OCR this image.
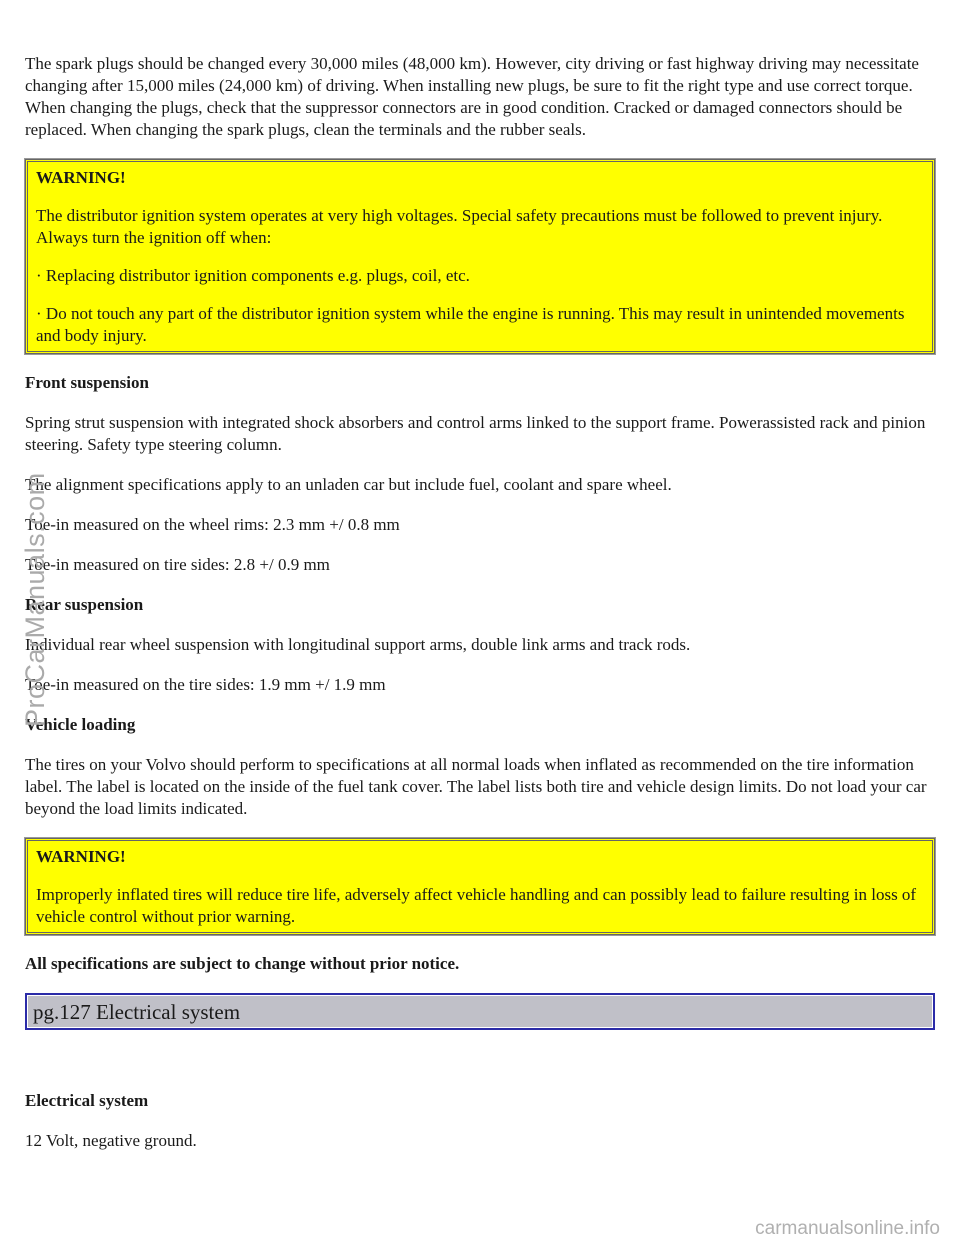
The spark plugs should be changed every 30,000 miles (48,000 km). However, city driving or fast highway driving may necessitate changing after 15,000 miles (24,000 km) of driving. When installing new plugs, be sure to fit the right type and use correct torque. When changing the plugs, check that the suppressor connectors are in good condition. Cracked or damaged connectors should be replaced. When changing the spark plugs, clean the terminals and the rubber seals.

WARNING!

The distributor ignition system operates at very high voltages. Special safety precautions must be followed to prevent injury. Always turn the ignition off when:

· Replacing distributor ignition components e.g. plugs, coil, etc.

· Do not touch any part of the distributor ignition system while the engine is running. This may result in unintended movements and body injury.

Front suspension

Spring strut suspension with integrated shock absorbers and control arms linked to the support frame. Powerassisted rack and pinion steering. Safety type steering column.

The alignment specifications apply to an unladen car but include fuel, coolant and spare wheel.

Toe-in measured on the wheel rims: 2.3 mm +/ 0.8 mm

Toe-in measured on tire sides: 2.8 +/ 0.9 mm

Rear suspension

Individual rear wheel suspension with longitudinal support arms, double link arms and track rods.

Toe-in measured on the tire sides: 1.9 mm +/ 1.9 mm

Vehicle loading

The tires on your Volvo should perform to specifications at all normal loads when inflated as recommended on the tire information label. The label is located on the inside of the fuel tank cover. The label lists both tire and vehicle design limits. Do not load your car beyond the load limits indicated.

WARNING!

Improperly inflated tires will reduce tire life, adversely affect vehicle handling and can possibly lead to failure resulting in loss of vehicle control without prior warning.

All specifications are subject to change without prior notice.

pg.127 Electrical system

Electrical system

12 Volt, negative ground.

ProCarManuals.com
carmanualsonline.info
